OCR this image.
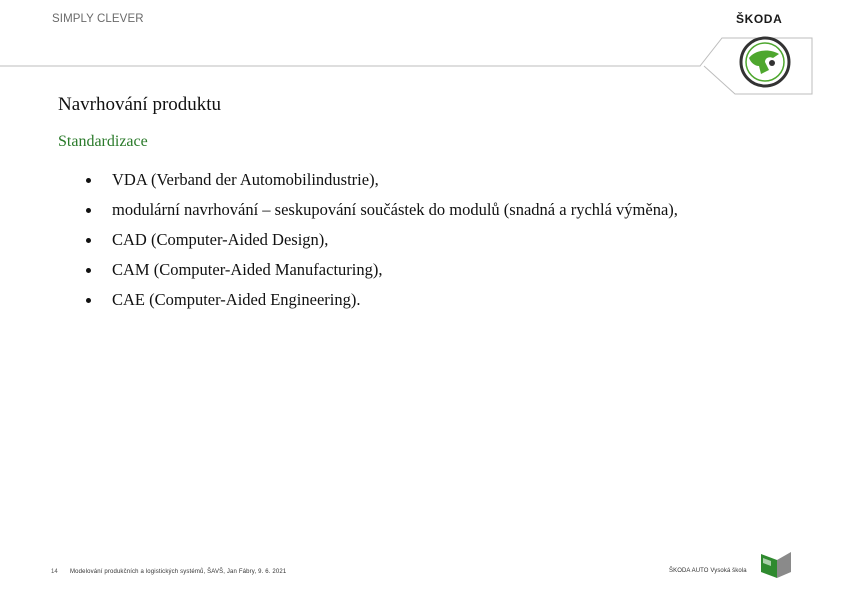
SIMPLY CLEVER	ŠKODA
Navrhování produktu
Standardizace
VDA (Verband der Automobilindustrie),
modulární navrhování – seskupování součástek do modulů (snadná a rychlá výměna),
CAD (Computer-Aided Design),
CAM (Computer-Aided Manufacturing),
CAE (Computer-Aided Engineering).
14 Modelování produkčních a logistických systémů, ŠAVŠ, Jan Fábry, 9. 6. 2021	ŠKODA AUTO Vysoká škola
